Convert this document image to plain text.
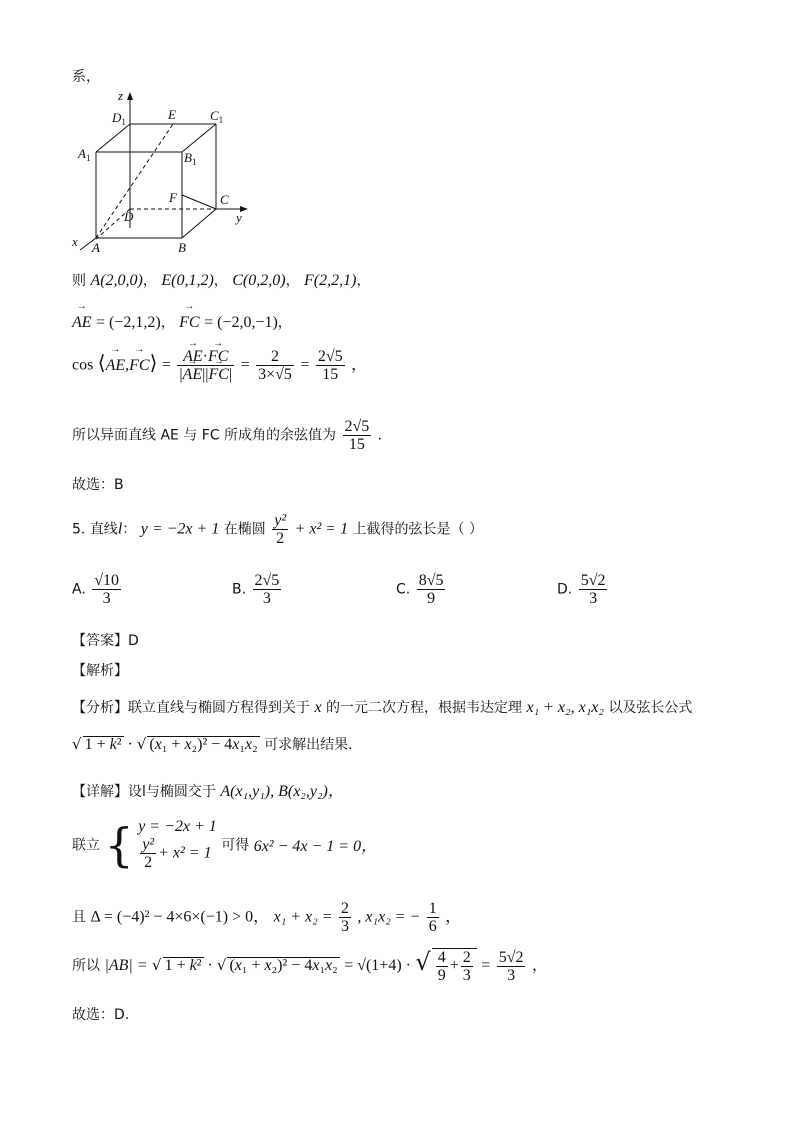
系，
z
$D_1$	E	$C_1$
$A_1$	$B_1$
F	C
D	y
x A	B
则 A(2,0,0)， E(0,1,2)， C(0,2,0)， F(2,2,1)，
→ AE = (−2,1,2)， → FC = (−2,0,−1)，
cos ⟨→ AE,→ FC⟩ =
→ $\frac{AE\cdot\to FC}{|\to AE||\to FC|} = \frac{2}{3\times√5} = \frac{2√5}{15}$ ，
所以异面直线 AE 与 FC 所成角的余弦值为 $\frac{2√5}{15}$ .
故选：B
5. 直线l： y = −2x + 1 在椭圆 $\frac{\text{y²}}{2} + x^2 = 1$ 上截得的弦长是（ ）
A. $\frac{√10}{3}$	B. $\frac{2√5}{3}$	C. $\frac{8√5}{9}$	D. $\frac{5√2}{3}$
【答案】D
【解析】
【分析】联立直线与椭圆方程得到关于 x 的一元二次方程，根据韦达定理 x₁ + x₂, x₁x₂ 以及弦长公式
√ 1 + k² · √ (x₁ + x₂)² − 4x₁x₂ 可求解出结果.
【详解】设l与椭圆交于 A(x₁,y₁), B(x₂,y₂)，
联立 { y = −2x + 1
$\frac{\text{y²}}{2} + x^2 = 1$ 可得 6x² − 4x − 1 = 0，
且 Δ = (−4)² − 4×6×(−1) > 0， $x_1 + x_2 = \frac{2}{3}$ , x₁x₂ = − $\frac{1}{6}$ ，
所以 |AB| = √ 1 + k² · √ (x₁ + x₂)² − 4x₁x₂ = √(1+4) · √ $\frac{4}{9} + \frac{2}{3} = \frac{5√2}{3}$ ，
故选：D.
